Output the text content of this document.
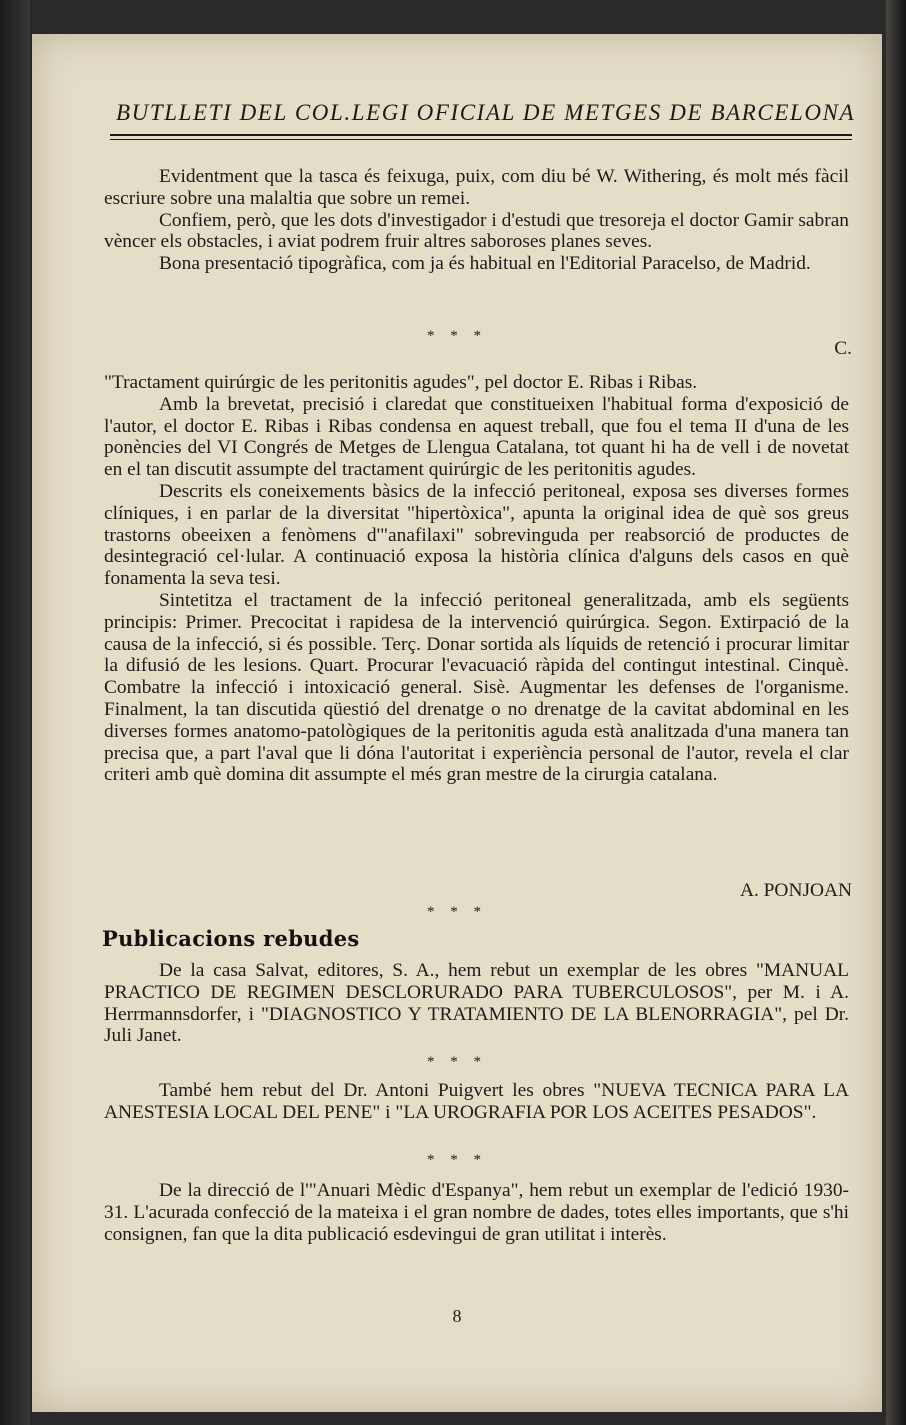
BUTLLETI DEL COL.LEGI OFICIAL DE METGES DE BARCELONA

Evidentment que la tasca és feixuga, puix, com diu bé W. Withering, és molt més fàcil escriure sobre una malaltia que sobre un remei.

Confiem, però, que les dots d'investigador i d'estudi que tresoreja el doctor Gamir sabran vèncer els obstacles, i aviat podrem fruir altres saboroses planes seves.

Bona presentació tipogràfica, com ja és habitual en l'Editorial Paracelso, de Madrid.

* * *
C.

"Tractament quirúrgic de les peritonitis agudes", pel doctor E. Ribas i Ribas.

Amb la brevetat, precisió i claredat que constitueixen l'habitual forma d'exposició de l'autor, el doctor E. Ribas i Ribas condensa en aquest treball, que fou el tema II d'una de les ponències del VI Congrés de Metges de Llengua Catalana, tot quant hi ha de vell i de novetat en el tan discutit assumpte del tractament quirúrgic de les peritonitis agudes.

Descrits els coneixements bàsics de la infecció peritoneal, exposa ses diverses formes clíniques, i en parlar de la diversitat "hipertòxica", apunta la original idea de què sos greus trastorns obeeixen a fenòmens d'"anafilaxi" sobrevinguda per reabsorció de productes de desintegració cel·lular. A continuació exposa la història clínica d'alguns dels casos en què fonamenta la seva tesi.

Sintetitza el tractament de la infecció peritoneal generalitzada, amb els següents principis: Primer. Precocitat i rapidesa de la intervenció quirúrgica. Segon. Extirpació de la causa de la infecció, si és possible. Terç. Donar sortida als líquids de retenció i procurar limitar la difusió de les lesions. Quart. Procurar l'evacuació ràpida del contingut intestinal. Cinquè. Combatre la infecció i intoxicació general. Sisè. Augmentar les defenses de l'organisme. Finalment, la tan discutida qüestió del drenatge o no drenatge de la cavitat abdominal en les diverses formes anatomo-patològiques de la peritonitis aguda està analitzada d'una manera tan precisa que, a part l'aval que li dóna l'autoritat i experiència personal de l'autor, revela el clar criteri amb què domina dit assumpte el més gran mestre de la cirurgia catalana.

A. PONJOAN
* * *
Publicacions rebudes

De la casa Salvat, editores, S. A., hem rebut un exemplar de les obres "MANUAL PRACTICO DE REGIMEN DESCLORURADO PARA TUBERCULOSOS", per M. i A. Herrmannsdorfer, i "DIAGNOSTICO Y TRATAMIENTO DE LA BLENORRAGIA", pel Dr. Juli Janet.

* * *

També hem rebut del Dr. Antoni Puigvert les obres "NUEVA TECNICA PARA LA ANESTESIA LOCAL DEL PENE" i "LA UROGRAFIA POR LOS ACEITES PESADOS".

* * *

De la direcció de l'"Anuari Mèdic d'Espanya", hem rebut un exemplar de l'edició 1930-31. L'acurada confecció de la mateixa i el gran nombre de dades, totes elles importants, que s'hi consignen, fan que la dita publicació esdevingui de gran utilitat i interès.

8
